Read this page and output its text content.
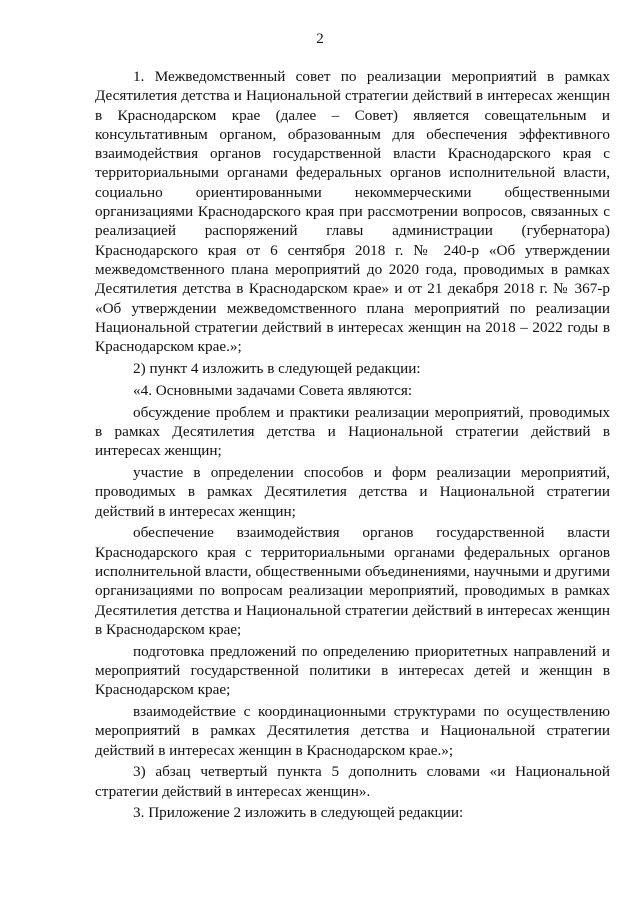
2

1. Межведомственный совет по реализации мероприятий в рамках Десятилетия детства и Национальной стратегии действий в интересах женщин в Краснодарском крае (далее – Совет) является совещательным и консультативным органом, образованным для обеспечения эффективного взаимодействия органов государственной власти Краснодарского края с территориальными органами федеральных органов исполнительной власти, социально ориентированными некоммерческими общественными организациями Краснодарского края при рассмотрении вопросов, связанных с реализацией распоряжений главы администрации (губернатора) Краснодарского края от 6 сентября 2018 г. № 240-р «Об утверждении межведомственного плана мероприятий до 2020 года, проводимых в рамках Десятилетия детства в Краснодарском крае» и от 21 декабря 2018 г. № 367-р «Об утверждении межведомственного плана мероприятий по реализации Национальной стратегии действий в интересах женщин на 2018 – 2022 годы в Краснодарском крае.»;

2) пункт 4 изложить в следующей редакции:

«4. Основными задачами Совета являются:

обсуждение проблем и практики реализации мероприятий, проводимых в рамках Десятилетия детства и Национальной стратегии действий в интересах женщин;

участие в определении способов и форм реализации мероприятий, проводимых в рамках Десятилетия детства и Национальной стратегии действий в интересах женщин;

обеспечение взаимодействия органов государственной власти Краснодарского края с территориальными органами федеральных органов исполнительной власти, общественными объединениями, научными и другими организациями по вопросам реализации мероприятий, проводимых в рамках Десятилетия детства и Национальной стратегии действий в интересах женщин в Краснодарском крае;

подготовка предложений по определению приоритетных направлений и мероприятий государственной политики в интересах детей и женщин в Краснодарском крае;

взаимодействие с координационными структурами по осуществлению мероприятий в рамках Десятилетия детства и Национальной стратегии действий в интересах женщин в Краснодарском крае.»;

3) абзац четвертый пункта 5 дополнить словами «и Национальной стратегии действий в интересах женщин».

3. Приложение 2 изложить в следующей редакции:
